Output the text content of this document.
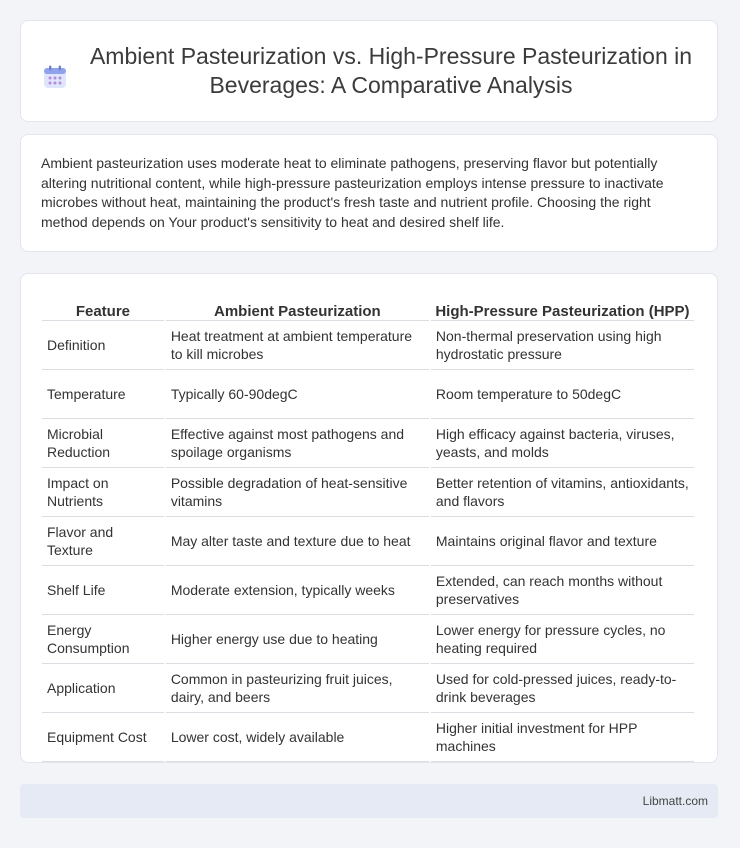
Ambient Pasteurization vs. High-Pressure Pasteurization in Beverages: A Comparative Analysis

Ambient pasteurization uses moderate heat to eliminate pathogens, preserving flavor but potentially altering nutritional content, while high-pressure pasteurization employs intense pressure to inactivate microbes without heat, maintaining the product's fresh taste and nutrient profile. Choosing the right method depends on Your product's sensitivity to heat and desired shelf life.

Feature	Ambient Pasteurization	High-Pressure Pasteurization (HPP)
Definition	Heat treatment at ambient temperature to kill microbes	Non-thermal preservation using high hydrostatic pressure
Temperature	Typically 60-90degC	Room temperature to 50degC
Microbial Reduction	Effective against most pathogens and spoilage organisms	High efficacy against bacteria, viruses, yeasts, and molds
Impact on Nutrients	Possible degradation of heat-sensitive vitamins	Better retention of vitamins, antioxidants, and flavors
Flavor and Texture	May alter taste and texture due to heat	Maintains original flavor and texture
Shelf Life	Moderate extension, typically weeks	Extended, can reach months without preservatives
Energy Consumption	Higher energy use due to heating	Lower energy for pressure cycles, no heating required
Application	Common in pasteurizing fruit juices, dairy, and beers	Used for cold-pressed juices, ready-to-drink beverages
Equipment Cost	Lower cost, widely available	Higher initial investment for HPP machines
Libmatt.com
